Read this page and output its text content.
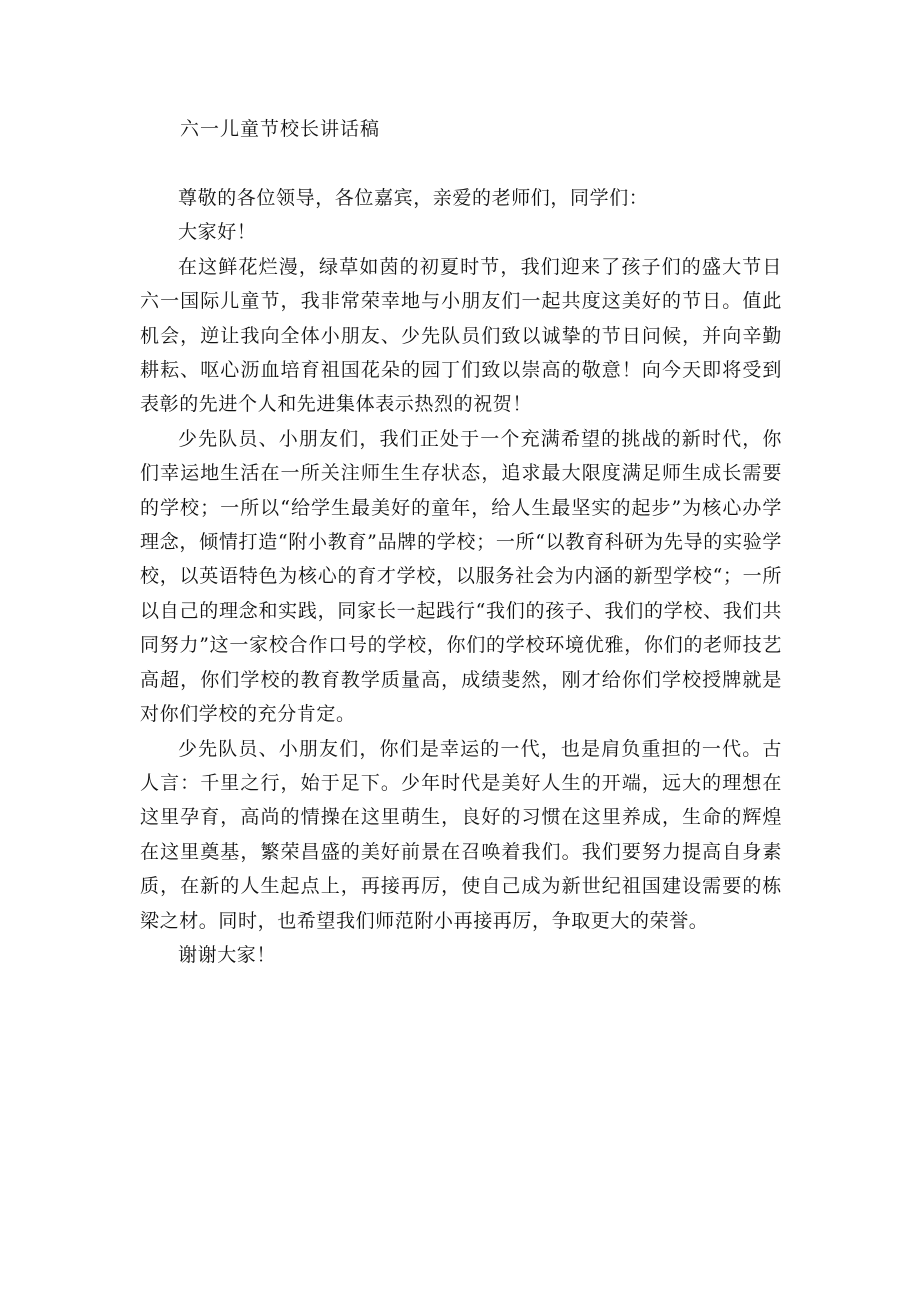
六一儿童节校长讲话稿

尊敬的各位领导，各位嘉宾，亲爱的老师们，同学们：

大家好！

在这鲜花烂漫，绿草如茵的初夏时节，我们迎来了孩子们的盛大节日六一国际儿童节，我非常荣幸地与小朋友们一起共度这美好的节日。值此机会，逆让我向全体小朋友、少先队员们致以诚挚的节日问候，并向辛勤耕耘、呕心沥血培育祖国花朵的园丁们致以崇高的敬意！向今天即将受到表彰的先进个人和先进集体表示热烈的祝贺！

少先队员、小朋友们，我们正处于一个充满希望的挑战的新时代，你们幸运地生活在一所关注师生生存状态，追求最大限度满足师生成长需要的学校；一所以“给学生最美好的童年，给人生最坚实的起步”为核心办学理念，倾情打造“附小教育”品牌的学校；一所“以教育科研为先导的实验学校，以英语特色为核心的育才学校，以服务社会为内涵的新型学校“；一所以自己的理念和实践，同家长一起践行“我们的孩子、我们的学校、我们共同努力”这一家校合作口号的学校，你们的学校环境优雅，你们的老师技艺高超，你们学校的教育教学质量高，成绩斐然，刚才给你们学校授牌就是对你们学校的充分肯定。

少先队员、小朋友们，你们是幸运的一代，也是肩负重担的一代。古人言：千里之行，始于足下。少年时代是美好人生的开端，远大的理想在这里孕育，高尚的情操在这里萌生，良好的习惯在这里养成，生命的辉煌在这里奠基，繁荣昌盛的美好前景在召唤着我们。我们要努力提高自身素质，在新的人生起点上，再接再厉，使自己成为新世纪祖国建设需要的栋梁之材。同时，也希望我们师范附小再接再厉，争取更大的荣誉。

谢谢大家！
